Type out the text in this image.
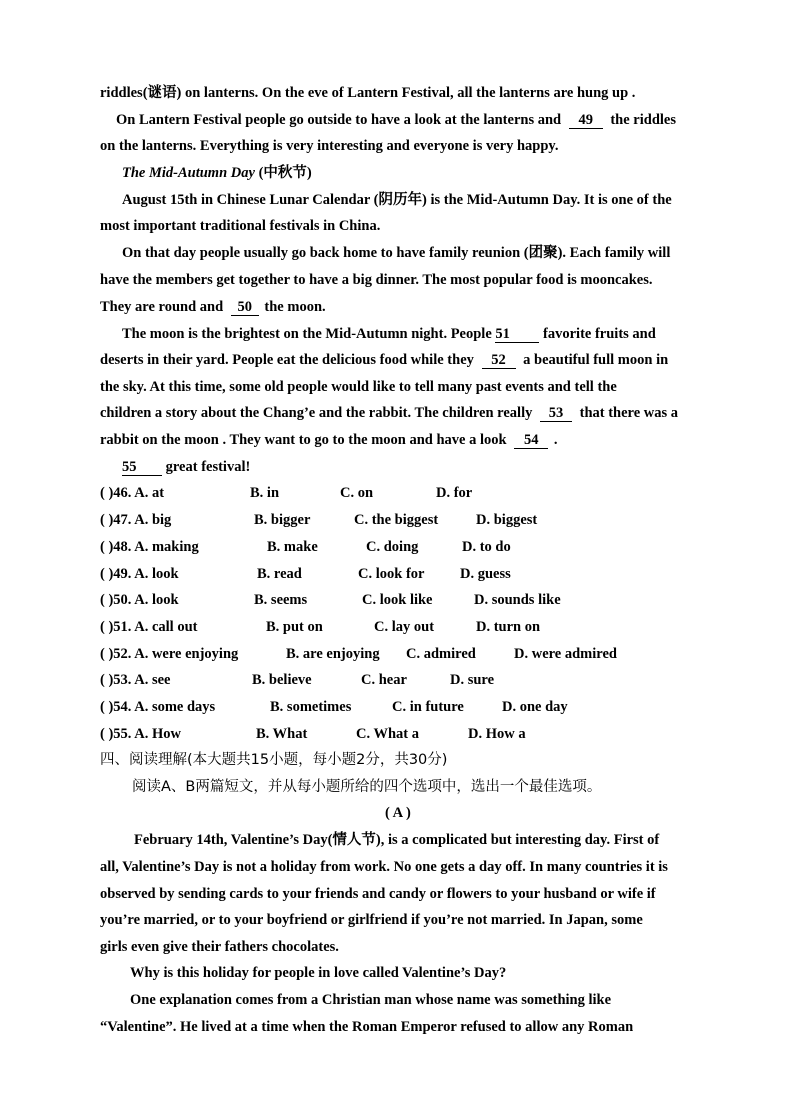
riddles(谜语) on lanterns. On the eve of Lantern Festival, all the lanterns are hung up .
On Lantern Festival people go outside to have a look at the lanterns and 49 the riddles
on the lanterns. Everything is very interesting and everyone is very happy.
The Mid-Autumn Day (中秋节)
August 15th in Chinese Lunar Calendar (阴历年) is the Mid-Autumn Day. It is one of the
most important traditional festivals in China.
On that day people usually go back home to have family reunion (团聚). Each family will
have the members get together to have a big dinner. The most popular food is mooncakes.
They are round and 50 the moon.
The moon is the brightest on the Mid-Autumn night. People 51 favorite fruits and
deserts in their yard. People eat the delicious food while they 52 a beautiful full moon in
the sky. At this time, some old people would like to tell many past events and tell the
children a story about the Chang’e and the rabbit. The children really 53 that there was a
rabbit on the moon . They want to go to the moon and have a look 54 .
55 great festival!
( )46. A. at	B. in	C. on	D. for
( )47. A. big	B. bigger	C. the biggest	D. biggest
( )48. A. making	B. make	C. doing	D. to do
( )49. A. look	B. read	C. look for D. guess
( )50. A. look	B. seems	C. look like	D. sounds like
( )51. A. call out	B. put on	C. lay out	D. turn on
( )52. A. were enjoying	B. are enjoying C. admired	D. were admired
( )53. A. see	B. believe	C. hear	D. sure
( )54. A. some days	B. sometimes	C. in future	D. one day
( )55. A. How	B. What	C. What a	D. How a
四、阅读理解(本大题共15小题，每小题2分，共30分)
阅读A、B两篇短文，并从每小题所给的四个选项中，选出一个最佳选项。
( A )
February 14th, Valentine’s Day(情人节), is a complicated but interesting day. First of
all, Valentine’s Day is not a holiday from work. No one gets a day off. In many countries it is
observed by sending cards to your friends and candy or flowers to your husband or wife if
you’re married, or to your boyfriend or girlfriend if you’re not married. In Japan, some
girls even give their fathers chocolates.
Why is this holiday for people in love called Valentine’s Day?
One explanation comes from a Christian man whose name was something like
“Valentine”. He lived at a time when the Roman Emperor refused to allow any Roman
